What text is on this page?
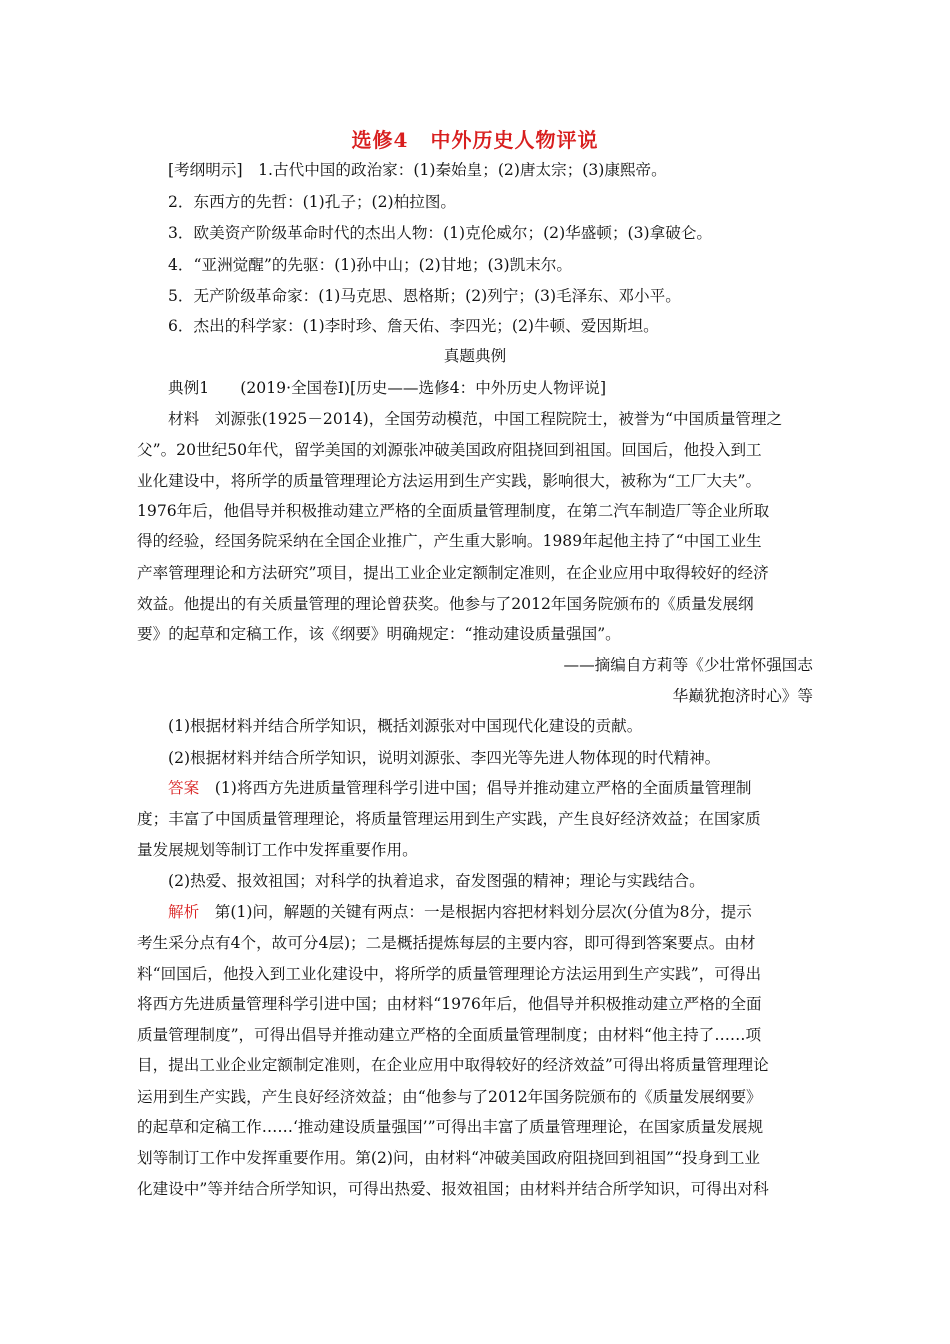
选修4 中外历史人物评说
[考纲明示]　1.古代中国的政治家：(1)秦始皇；(2)唐太宗；(3)康熙帝。
2．东西方的先哲：(1)孔子；(2)柏拉图。
3．欧美资产阶级革命时代的杰出人物：(1)克伦威尔；(2)华盛顿；(3)拿破仑。
4．“亚洲觉醒”的先驱：(1)孙中山；(2)甘地；(3)凯末尔。
5．无产阶级革命家：(1)马克思、恩格斯；(2)列宁；(3)毛泽东、邓小平。
6．杰出的科学家：(1)李时珍、詹天佑、李四光；(2)牛顿、爱因斯坦。
真题典例
典例1　　(2019·全国卷Ⅰ)[历史——选修4：中外历史人物评说]
材料　刘源张(1925－2014)，全国劳动模范，中国工程院院士，被誉为“中国质量管理之
父”。20世纪50年代，留学美国的刘源张冲破美国政府阻挠回到祖国。回国后，他投入到工
业化建设中，将所学的质量管理理论方法运用到生产实践，影响很大，被称为“工厂大夫”。
1976年后，他倡导并积极推动建立严格的全面质量管理制度，在第二汽车制造厂等企业所取
得的经验，经国务院采纳在全国企业推广，产生重大影响。1989年起他主持了“中国工业生
产率管理理论和方法研究”项目，提出工业企业定额制定准则，在企业应用中取得较好的经济
效益。他提出的有关质量管理的理论曾获奖。他参与了2012年国务院颁布的《质量发展纲
要》的起草和定稿工作，该《纲要》明确规定：“推动建设质量强国”。
——摘编自方莉等《少壮常怀强国志
华巅犹抱济时心》等
(1)根据材料并结合所学知识，概括刘源张对中国现代化建设的贡献。
(2)根据材料并结合所学知识，说明刘源张、李四光等先进人物体现的时代精神。
答案　(1)将西方先进质量管理科学引进中国；倡导并推动建立严格的全面质量管理制
度；丰富了中国质量管理理论，将质量管理运用到生产实践，产生良好经济效益；在国家质
量发展规划等制订工作中发挥重要作用。
(2)热爱、报效祖国；对科学的执着追求，奋发图强的精神；理论与实践结合。
解析　第(1)问，解题的关键有两点：一是根据内容把材料划分层次(分值为8分，提示
考生采分点有4个，故可分4层)；二是概括提炼每层的主要内容，即可得到答案要点。由材
料“回国后，他投入到工业化建设中，将所学的质量管理理论方法运用到生产实践”，可得出
将西方先进质量管理科学引进中国；由材料“1976年后，他倡导并积极推动建立严格的全面
质量管理制度”，可得出倡导并推动建立严格的全面质量管理制度；由材料“他主持了……项
目，提出工业企业定额制定准则，在企业应用中取得较好的经济效益”可得出将质量管理理论
运用到生产实践，产生良好经济效益；由“他参与了2012年国务院颁布的《质量发展纲要》
的起草和定稿工作……‘推动建设质量强国’”可得出丰富了质量管理理论，在国家质量发展规
划等制订工作中发挥重要作用。第(2)问，由材料“冲破美国政府阻挠回到祖国”“投身到工业
化建设中”等并结合所学知识，可得出热爱、报效祖国；由材料并结合所学知识，可得出对科
